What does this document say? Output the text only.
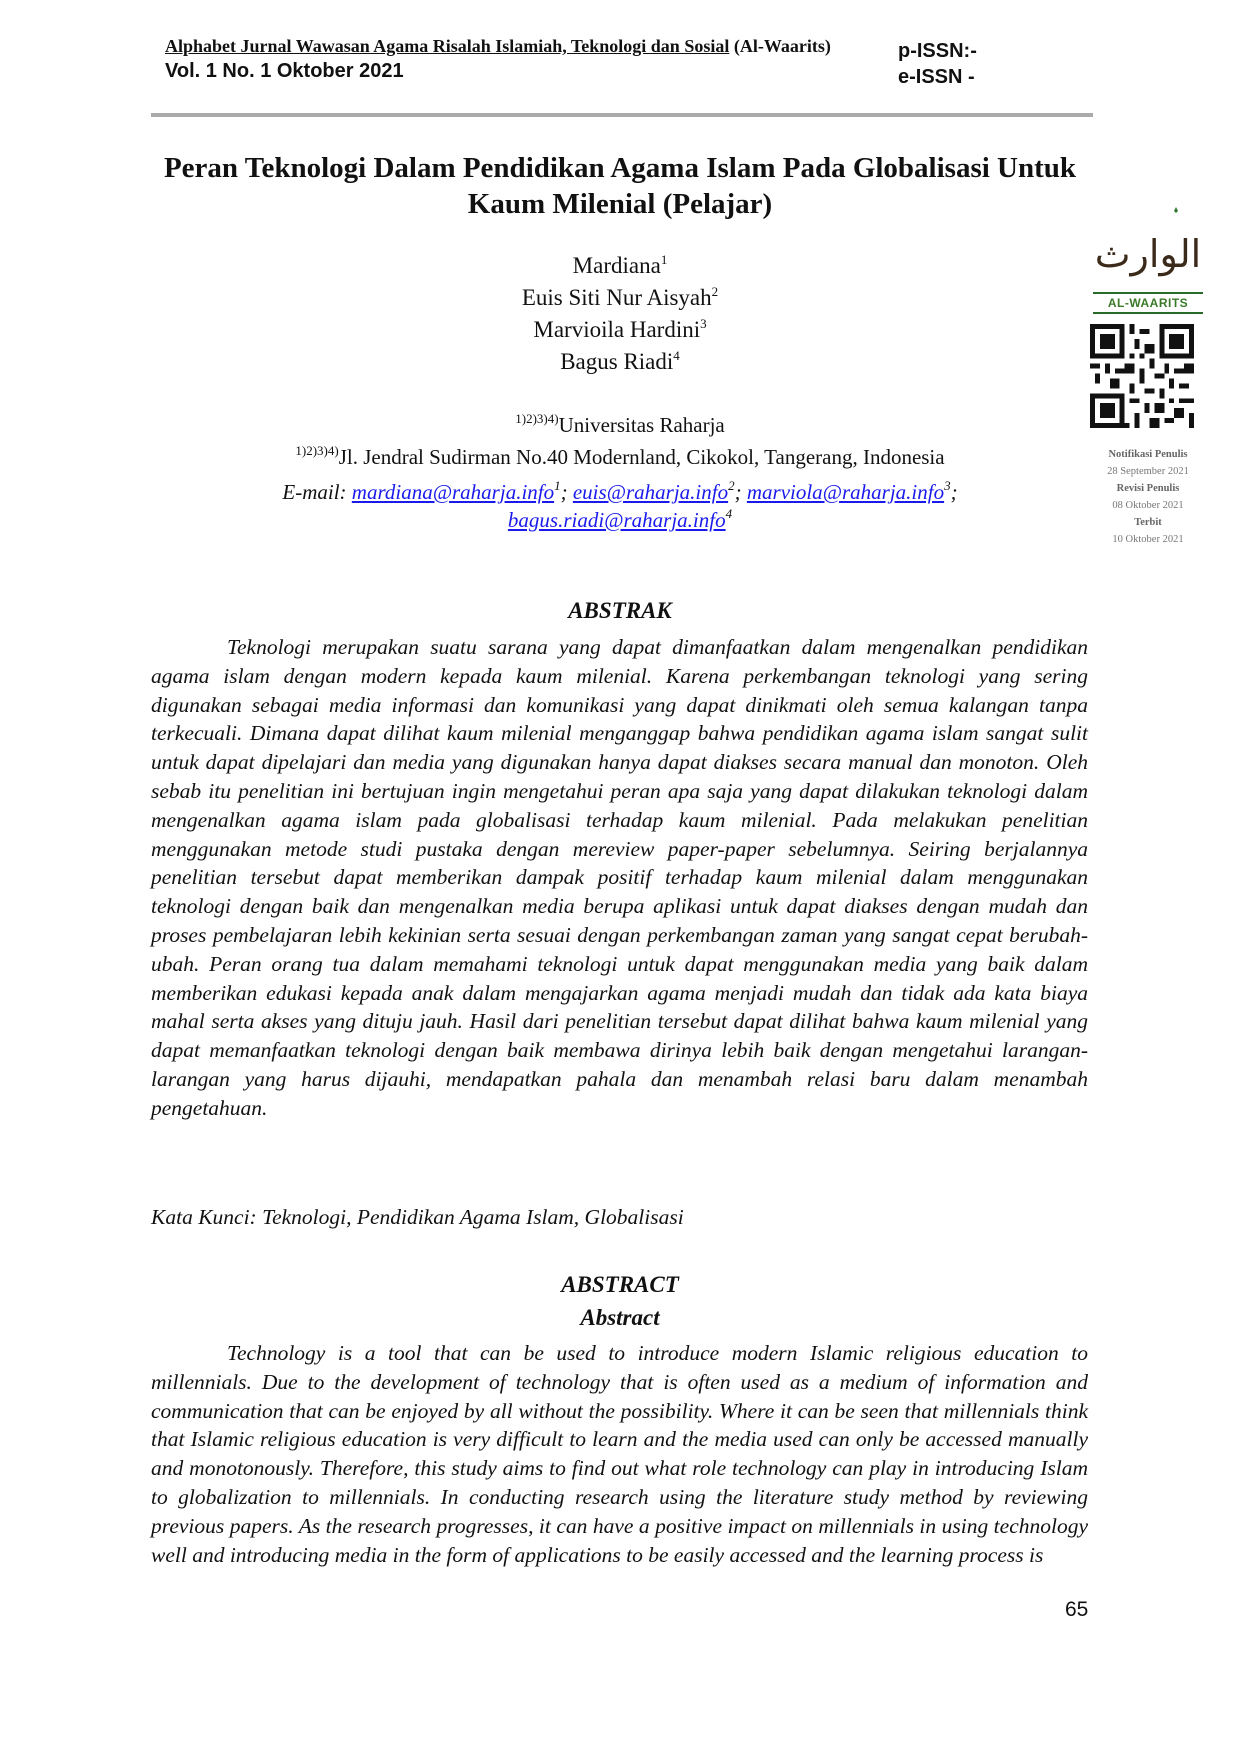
Alphabet Jurnal Wawasan Agama Risalah Islamiah, Teknologi dan Sosial (Al-Waarits)
Vol. 1 No. 1 Oktober 2021
p-ISSN:-
e-ISSN -
Peran Teknologi Dalam Pendidikan Agama Islam Pada Globalisasi Untuk
Kaum Milenial (Pelajar)
Mardiana$^1$
Euis Siti Nur Aisyah$^2$
Marvioila Hardini$^3$
Bagus Riadi$^4$
$^{1)2)3)4)}$Universitas Raharja
$^{1)2)3)4)}$Jl. Jendral Sudirman No.40 Modernland, Cikokol, Tangerang, Indonesia
E-mail: mardiana@raharja.info$^1$; euis@raharja.info$^2$; marviola@raharja.info$^3$;
bagus.riadi@raharja.info$^4$
الوارث
AL-WAARITS
Notifikasi Penulis
28 September 2021
Revisi Penulis
08 Oktober 2021
Terbit
10 Oktober 2021
ABSTRAK
Teknologi merupakan suatu sarana yang dapat dimanfaatkan dalam mengenalkan pendidikan agama islam dengan modern kepada kaum milenial. Karena perkembangan teknologi yang sering digunakan sebagai media informasi dan komunikasi yang dapat dinikmati oleh semua kalangan tanpa terkecuali. Dimana dapat dilihat kaum milenial menganggap bahwa pendidikan agama islam sangat sulit untuk dapat dipelajari dan media yang digunakan hanya dapat diakses secara manual dan monoton. Oleh sebab itu penelitian ini bertujuan ingin mengetahui peran apa saja yang dapat dilakukan teknologi dalam mengenalkan agama islam pada globalisasi terhadap kaum milenial. Pada melakukan penelitian menggunakan metode studi pustaka dengan mereview paper-paper sebelumnya. Seiring berjalannya penelitian tersebut dapat memberikan dampak positif terhadap kaum milenial dalam menggunakan teknologi dengan baik dan mengenalkan media berupa aplikasi untuk dapat diakses dengan mudah dan proses pembelajaran lebih kekinian serta sesuai dengan perkembangan zaman yang sangat cepat berubah-ubah. Peran orang tua dalam memahami teknologi untuk dapat menggunakan media yang baik dalam memberikan edukasi kepada anak dalam mengajarkan agama menjadi mudah dan tidak ada kata biaya mahal serta akses yang dituju jauh. Hasil dari penelitian tersebut dapat dilihat bahwa kaum milenial yang dapat memanfaatkan teknologi dengan baik membawa dirinya lebih baik dengan mengetahui larangan-larangan yang harus dijauhi, mendapatkan pahala dan menambah relasi baru dalam menambah pengetahuan.
Kata Kunci: Teknologi, Pendidikan Agama Islam, Globalisasi
ABSTRACT
Abstract
Technology is a tool that can be used to introduce modern Islamic religious education to millennials. Due to the development of technology that is often used as a medium of information and communication that can be enjoyed by all without the possibility. Where it can be seen that millennials think that Islamic religious education is very difficult to learn and the media used can only be accessed manually and monotonously. Therefore, this study aims to find out what role technology can play in introducing Islam to globalization to millennials. In conducting research using the literature study method by reviewing previous papers. As the research progresses, it can have a positive impact on millennials in using technology well and introducing media in the form of applications to be easily accessed and the learning process is
65
